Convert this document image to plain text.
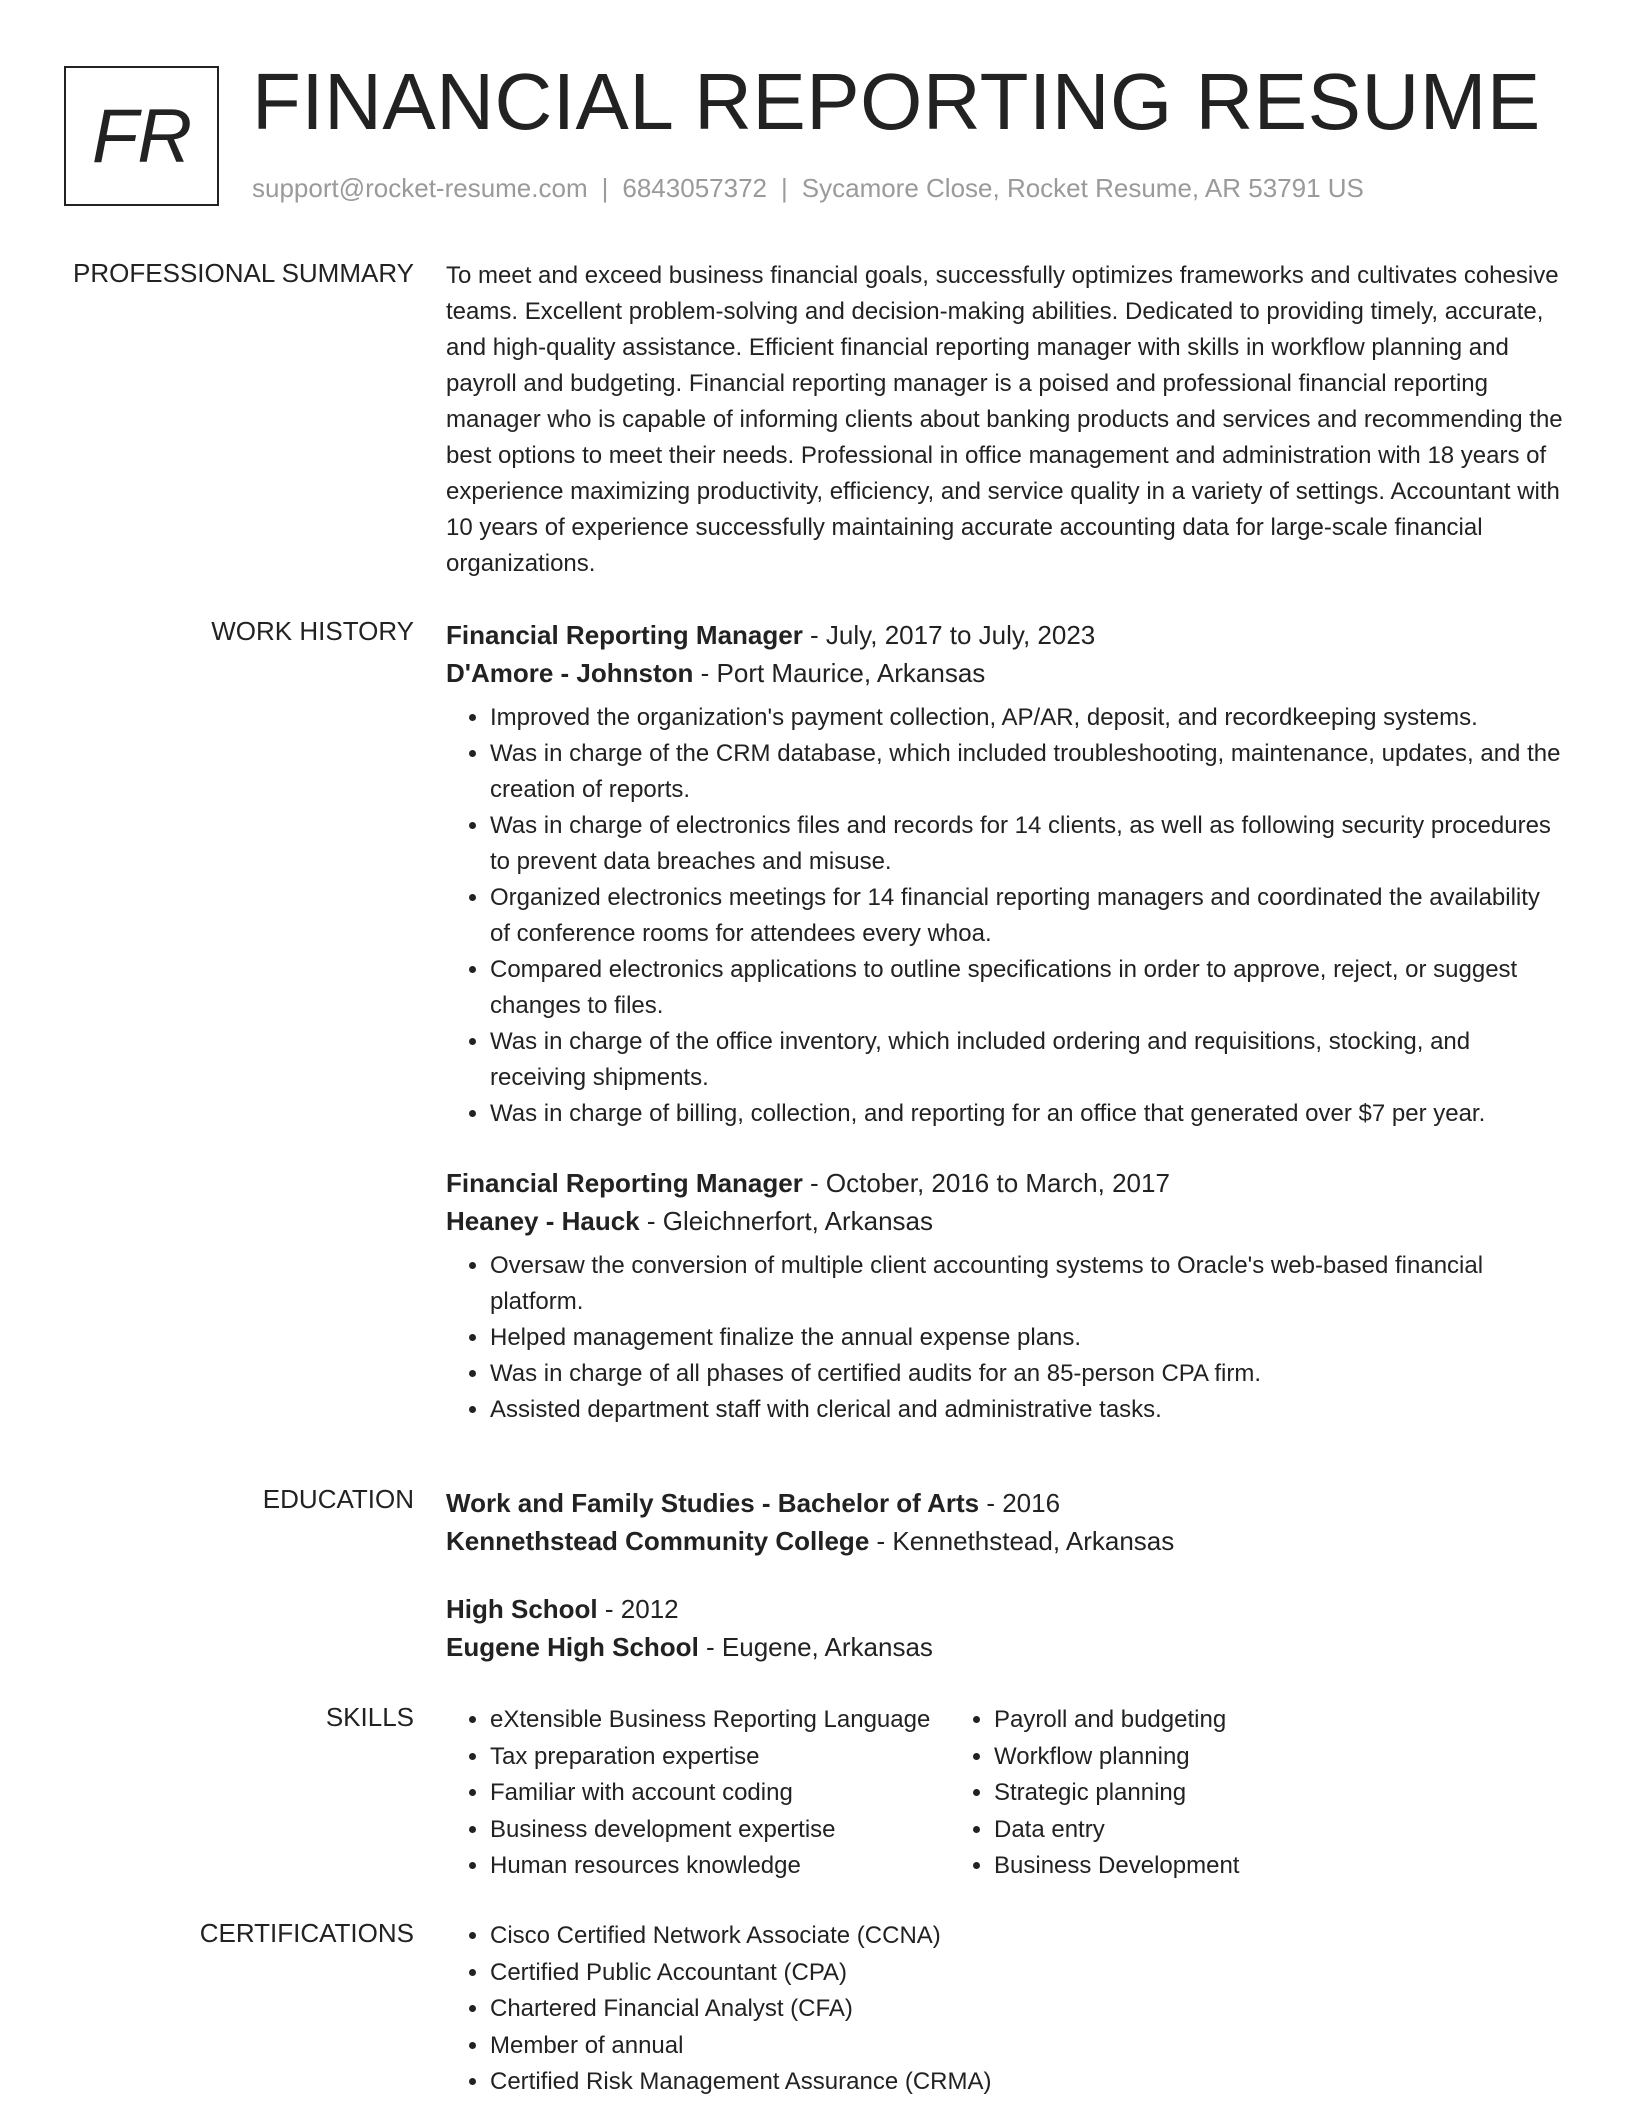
FR FINANCIAL REPORTING RESUME
support@rocket-resume.com | 6843057372 | Sycamore Close, Rocket Resume, AR 53791 US
PROFESSIONAL SUMMARY To meet and exceed business financial goals, successfully optimizes frameworks and cultivates cohesive teams. Excellent problem-solving and decision-making abilities. Dedicated to providing timely, accurate, and high-quality assistance. Efficient financial reporting manager with skills in workflow planning and payroll and budgeting. Financial reporting manager is a poised and professional financial reporting manager who is capable of informing clients about banking products and services and recommending the best options to meet their needs. Professional in office management and administration with 18 years of experience maximizing productivity, efficiency, and service quality in a variety of settings. Accountant with 10 years of experience successfully maintaining accurate accounting data for large-scale financial organizations.

WORK HISTORY Financial Reporting Manager - July, 2017 to July, 2023

D'Amore - Johnston - Port Maurice, Arkansas

• Improved the organization's payment collection, AP/AR, deposit, and recordkeeping systems.
• Was in charge of the CRM database, which included troubleshooting, maintenance, updates, and the creation of reports.
• Was in charge of electronics files and records for 14 clients, as well as following security procedures to prevent data breaches and misuse.
• Organized electronics meetings for 14 financial reporting managers and coordinated the availability of conference rooms for attendees every whoa.
• Compared electronics applications to outline specifications in order to approve, reject, or suggest changes to files.
• Was in charge of the office inventory, which included ordering and requisitions, stocking, and receiving shipments.
• Was in charge of billing, collection, and reporting for an office that generated over $7 per year.

Financial Reporting Manager - October, 2016 to March, 2017

Heaney - Hauck - Gleichnerfort, Arkansas

• Oversaw the conversion of multiple client accounting systems to Oracle's web-based financial platform.
• Helped management finalize the annual expense plans.
• Was in charge of all phases of certified audits for an 85-person CPA firm.
• Assisted department staff with clerical and administrative tasks.
EDUCATION Work and Family Studies - Bachelor of Arts - 2016

Kennethstead Community College - Kennethstead, Arkansas

High School - 2012

Eugene High School - Eugene, Arkansas

SKILLS	• eXtensible Business Reporting Language
• Tax preparation expertise
• Familiar with account coding
• Business development expertise
• Human resources knowledge
• Payroll and budgeting
• Workflow planning
• Strategic planning
• Data entry
• Business Development
CERTIFICATIONS	• Cisco Certified Network Associate (CCNA)
• Certified Public Accountant (CPA)
• Chartered Financial Analyst (CFA)
• Member of annual
• Certified Risk Management Assurance (CRMA)
